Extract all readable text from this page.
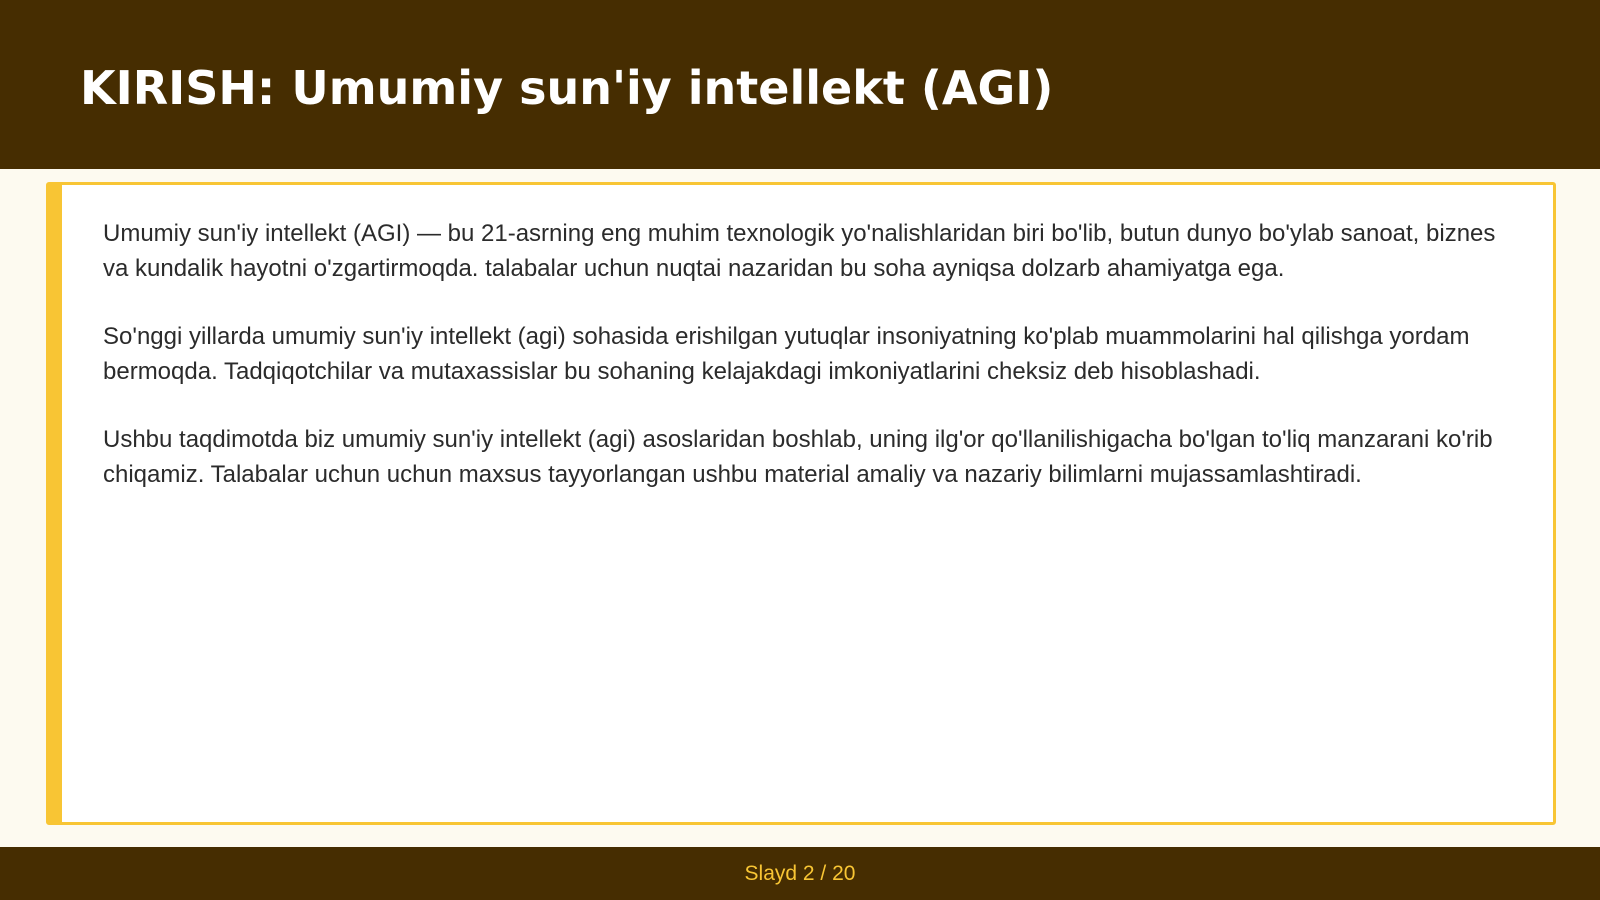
KIRISH: Umumiy sun'iy intellekt (AGI)

Umumiy sun'iy intellekt (AGI) — bu 21-asrning eng muhim texnologik yo'nalishlaridan biri bo'lib, butun dunyo bo'ylab sanoat, biznes va kundalik hayotni o'zgartirmoqda. talabalar uchun nuqtai nazaridan bu soha ayniqsa dolzarb ahamiyatga ega.

So'nggi yillarda umumiy sun'iy intellekt (agi) sohasida erishilgan yutuqlar insoniyatning ko'plab muammolarini hal qilishga yordam bermoqda. Tadqiqotchilar va mutaxassislar bu sohaning kelajakdagi imkoniyatlarini cheksiz deb hisoblashadi.

Ushbu taqdimotda biz umumiy sun'iy intellekt (agi) asoslaridan boshlab, uning ilg'or qo'llanilishigacha bo'lgan to'liq manzarani ko'rib chiqamiz. Talabalar uchun uchun maxsus tayyorlangan ushbu material amaliy va nazariy bilimlarni mujassamlashtiradi.

Slayd 2 / 20
